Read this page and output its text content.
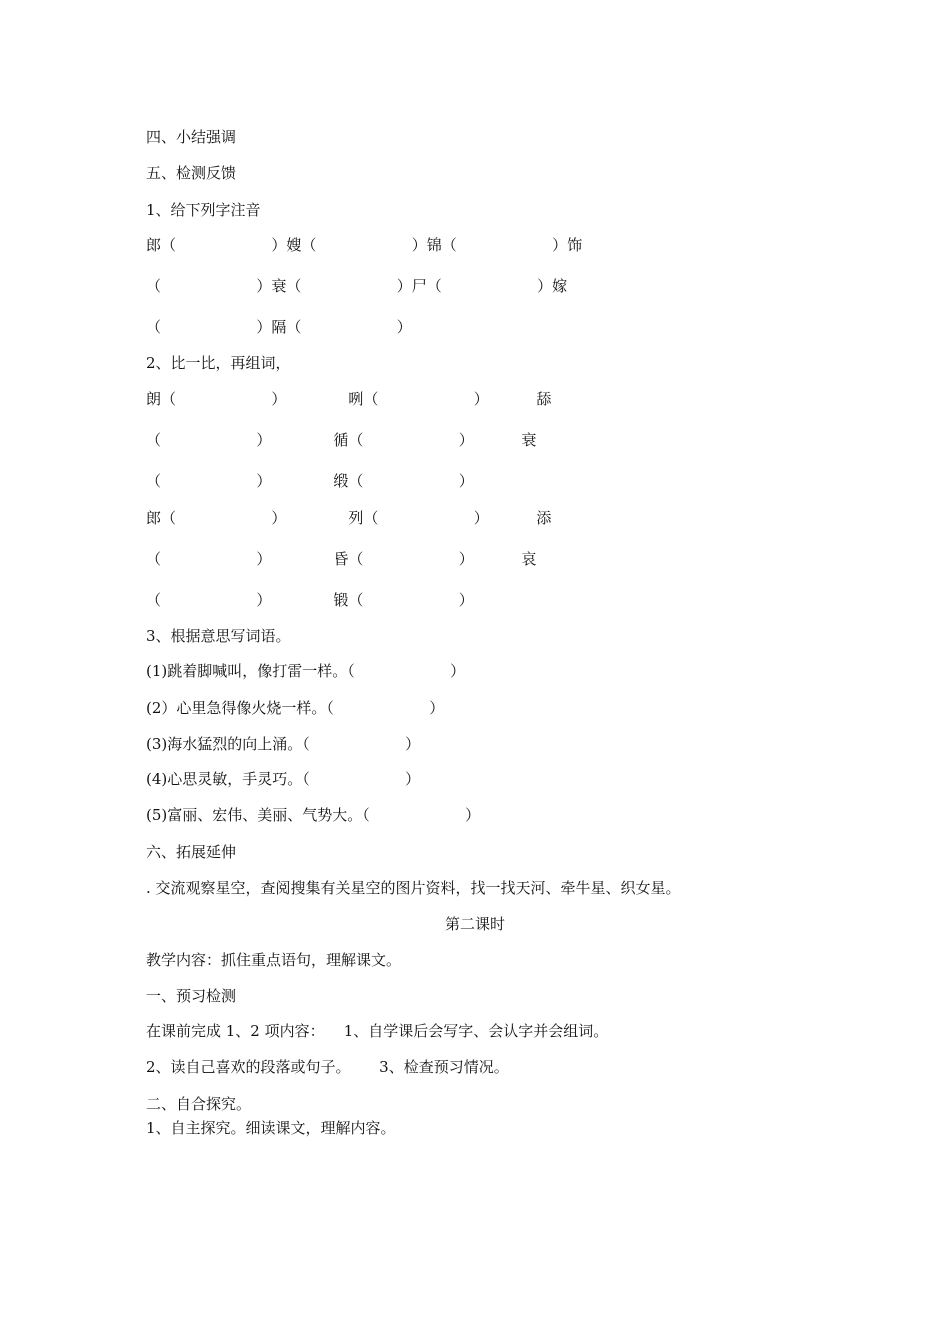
四、小结强调
五、检测反馈
1、给下列字注音
郎（                    ）嫂（                    ）锦（                    ）饰
（                    ）衰（                    ）尸（                    ）嫁
（                    ）隔（                    ）
2、比一比，再组词，
朗（                    ）             咧（                    ）          舔
（                    ）             循（                    ）          衰
（                    ）             缎（                    ）
郎（                    ）             列（                    ）          添
（                    ）             昏（                    ）          哀
（                    ）             锻（                    ）
3、根据意思写词语。
(1)跳着脚喊叫，像打雷一样。（                    ）
(2）心里急得像火烧一样。（                    ）
(3)海水猛烈的向上涌。（                    ）
(4)心思灵敏，手灵巧。（                    ）
(5)富丽、宏伟、美丽、气势大。（                    ）
六、拓展延伸
. 交流观察星空，查阅搜集有关星空的图片资料，找一找天河、牵牛星、织女星。
第二课时
教学内容：抓住重点语句，理解课文。
一、预习检测
在课前完成 1、2 项内容：    1、自学课后会写字、会认字并会组词。
2、读自己喜欢的段落或句子。      3、检查预习情况。
二、自合探究。
1、自主探究。细读课文，理解内容。
